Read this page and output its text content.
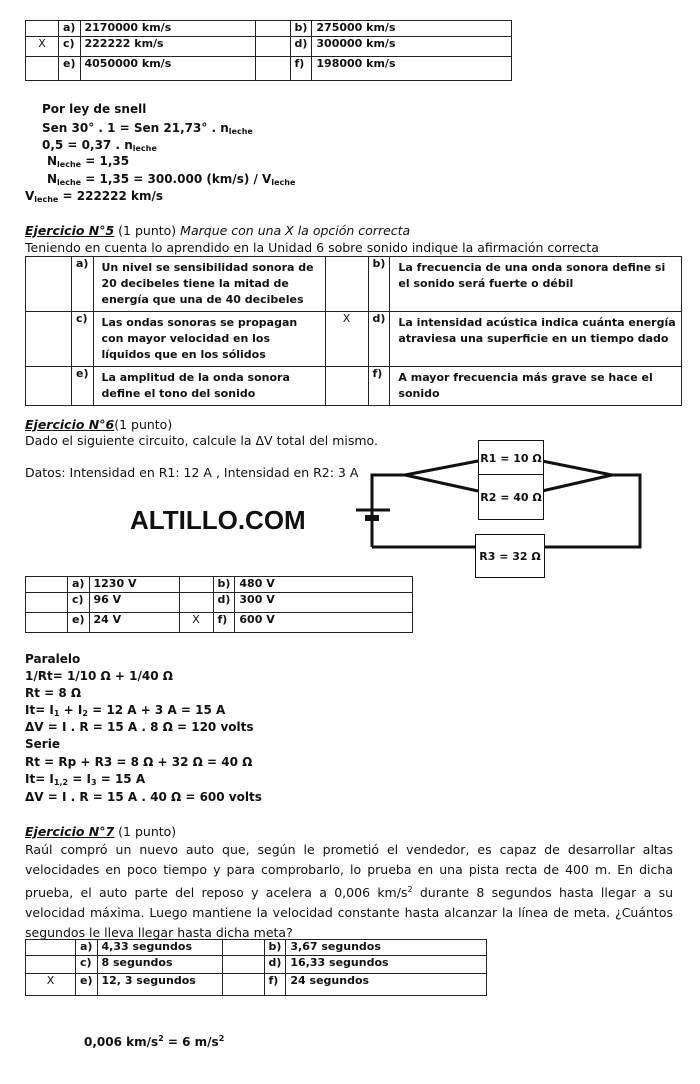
	a)	2170000 km/s		b)	275000 km/s
X	c)	222222 km/s		d)	300000 km/s
	e)	4050000 km/s		f)	198000 km/s
Por ley de snell
Sen 30° . 1 = Sen 21,73° . $n_{leche}$
0,5 = 0,37 . $n_{leche}$
$N_{leche} = 1,35$
$N_{leche} = 1,35 = 300.000$ $(km/s) / V_{leche}$
$V_{leche} = 222222$ km/s
Ejercicio N°5 (1 punto) Marque con una X la opción correcta
Teniendo en cuenta lo aprendido en la Unidad 6 sobre sonido indique la afirmación correcta
	a)	Un nivel se sensibilidad sonora de 20 decibeles tiene la mitad de energía que una de 40 decibeles		b)	La frecuencia de una onda sonora define si el sonido será fuerte o débil
	c)	Las ondas sonoras se propagan con mayor velocidad en los líquidos que en los sólidos	X	d)	La intensidad acústica indica cuánta energía atraviesa una superficie en un tiempo dado
	e)	La amplitud de la onda sonora define el tono del sonido		f)	A mayor frecuencia más grave se hace el sonido
Ejercicio N°6(1 punto)
Dado el siguiente circuito, calcule la ΔV total del mismo.
Datos: Intensidad en R1: 12 A , Intensidad en R2: 3 A
ALTILLO.COM
R1 = 10 Ω
R2 = 40 Ω
R3 = 32 Ω
	a)	1230 V		b)	480 V
	c)	96 V		d)	300 V
	e)	24 V	X	f)	600 V
Paralelo
1/Rt= 1/10 Ω + 1/40 Ω
Rt = 8 Ω
$It= I_1 + I_2 = 12$ A + 3 A = 15 A
ΔV = I . R = 15 A . 8 Ω = 120 volts
Serie
Rt = Rp + R3 = 8 Ω + 32 Ω = 40 Ω
$It= I_{1,2} = I_3 = 15$ A
ΔV = I . R = 15 A . 40 Ω = 600 volts
Ejercicio N°7 (1 punto)
Raúl compró un nuevo auto que, según le prometió el vendedor, es capaz de desarrollar altas velocidades en poco tiempo y para comprobarlo, lo prueba en una pista recta de 400 m. En dicha prueba, el auto parte del reposo y acelera a 0,006 $km/s^2$ durante 8 segundos hasta llegar a su velocidad máxima. Luego mantiene la velocidad constante hasta alcanzar la línea de meta. ¿Cuántos segundos le lleva llegar hasta dicha meta?
	a)	4,33 segundos		b)	3,67 segundos
	c)	8 segundos		d)	16,33 segundos
X	e)	12, 3 segundos		f)	24 segundos
0,006 $km/s^2 = 6$ $m/s^2$
